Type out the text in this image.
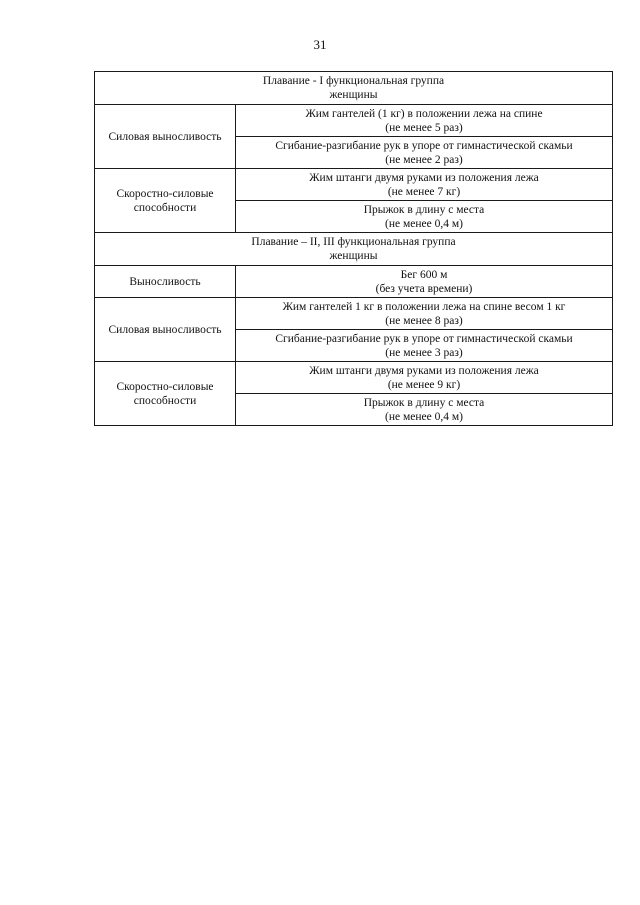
31
Плавание - I функциональная группа
женщины	

Силовая выносливость	Жим гантелей (1 кг) в положении лежа на спине
(не менее 5 раз)

	Сгибание-разгибание рук в упоре от гимнастической скамьи
(не менее 2 раз)

Скоростно-силовые
способности	Жим штанги двумя руками из положения лежа
(не менее 7 кг)

	Прыжок в длину с места
(не менее 0,4 м)

Плавание – II, III функциональная группа
женщины	

Выносливость	Бег 600 м
(без учета времени)

Силовая выносливость	Жим гантелей 1 кг в положении лежа на спине весом 1 кг
(не менее 8 раз)

	Сгибание-разгибание рук в упоре от гимнастической скамьи
(не менее 3 раз)

Скоростно-силовые
способности	Жим штанги двумя руками из положения лежа
(не менее 9 кг)

	Прыжок в длину с места
(не менее 0,4 м)
